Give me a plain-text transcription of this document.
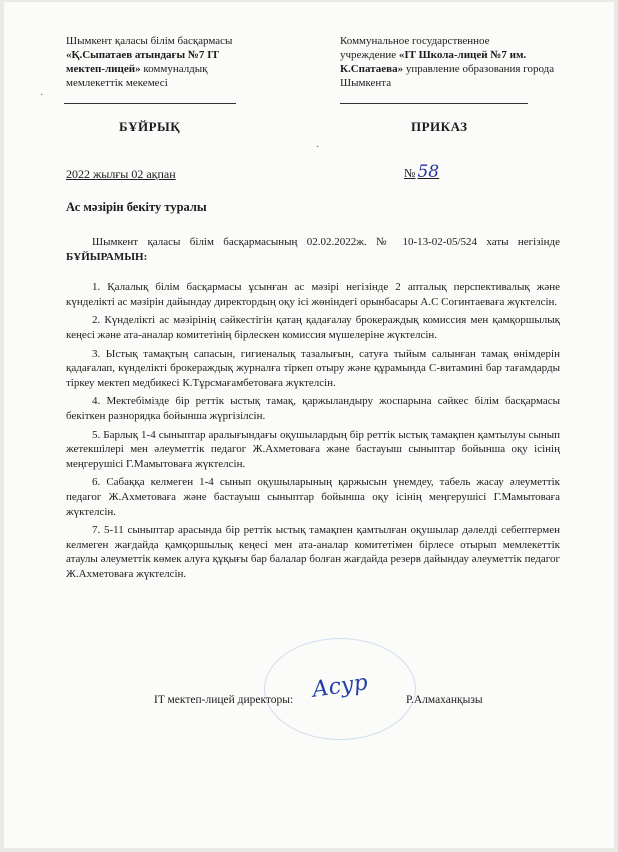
Шымкент қаласы білім басқармасы
«Қ.Сыпатаев атындағы №7 IT мектеп-лицей» коммуналдық мемлекеттік мекемесі
Коммунальное государственное
учреждение «IT Школа-лицей №7 им. К.Спатаева» управление образования города Шымкента
БҰЙРЫҚ	ПРИКАЗ
2022 жылғы 02 ақпан	№ 58
Ас мәзірін бекіту туралы

Шымкент қаласы білім басқармасының 02.02.2022ж. № 10-13-02-05/524 хаты негізінде БҰЙЫРАМЫН:

1. Қалалық білім басқармасы ұсынған ас мәзірі негізінде 2 апталық перспективалық және күнделікті ас мәзірін дайындау директордың оқу ісі жөніндегі орынбасары А.С Согинтаеваға жүктелсін.

2. Күнделікті ас мәзірінің сәйкестігін қатаң қадағалау брокераждық комиссия мен қамқоршылық кеңесі және ата-аналар комитетінің бірлескен комиссия мүшелеріне жүктелсін.

3. Ыстық тамақтың сапасын, гигиеналық тазалығын, сатуға тыйым салынған тамақ өнімдерін қадағалап, күнделікті брокераждық журналға тіркеп отыру және құрамында С-витамині бар тағамдарды тіркеу мектеп медбикесі К.Тұрсмағамбетоваға жүктелсін.

4. Мектебімізде бір реттік ыстық тамақ, қаржыландыру жоспарына сәйкес білім басқармасы бекіткен разнорядка бойынша жүргізілсін.

5. Барлық 1-4 сыныптар аралығындағы оқушылардың бір реттік ыстық тамақпен қамтылуы сынып жетекшілері мен әлеуметтік педагог Ж.Ахметоваға және бастауыш сыныптар бойынша оқу ісінің меңгерушісі Г.Мамытоваға жүктелсін.

6. Сабаққа келмеген 1-4 сынып оқушыларының қаржысын үнемдеу, табель жасау әлеуметтік педагог Ж.Ахметоваға және бастауыш сыныптар бойынша оқу ісінің меңгерушісі Г.Мамытоваға жүктелсін.

7. 5-11 сыныптар арасында бір реттік ыстық тамақпен қамтылған оқушылар дәлелді себептермен келмеген жағдайда қамқоршылық кеңесі мен ата-аналар комитетімен бірлесе отырып мемлекеттік атаулы әлеуметтік көмек алуға құқығы бар балалар болған жағдайда резерв дайындау әлеуметтік педагог Ж.Ахметоваға жүктелсін.

IT мектеп-лицей директоры: Асур	Р.Алмаханқызы
·
·
